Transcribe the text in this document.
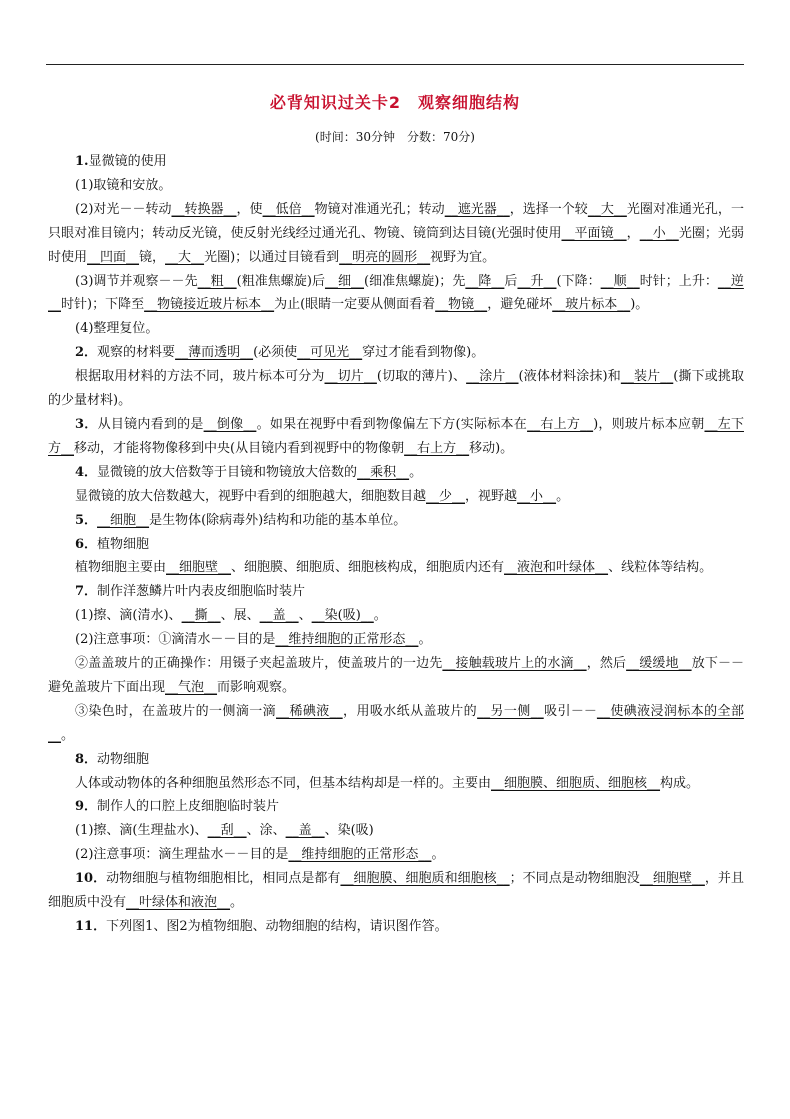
必背知识过关卡2　观察细胞结构
(时间：30分钟　分数：70分)

1.显微镜的使用

(1)取镜和安放。

(2)对光－－转动__转换器__，使__低倍__物镜对准通光孔；转动__遮光器__，选择一个较__大__光圈对准通光孔，一只眼对准目镜内；转动反光镜，使反射光线经过通光孔、物镜、镜筒到达目镜(光强时使用__平面镜__，__小__光圈；光弱时使用__凹面__镜，__大__光圈)；以通过目镜看到__明亮的圆形__视野为宜。

(3)调节并观察－－先__粗__(粗准焦螺旋)后__细__(细准焦螺旋)；先__降__后__升__(下降：__顺__时针；上升：__逆__时针)；下降至__物镜接近玻片标本__为止(眼睛一定要从侧面看着__物镜__，避免碰坏__玻片标本__)。

(4)整理复位。

2．观察的材料要__薄而透明__(必须使__可见光__穿过才能看到物像)。

根据取用材料的方法不同，玻片标本可分为__切片__(切取的薄片)、__涂片__(液体材料涂抹)和__装片__(撕下或挑取的少量材料)。

3．从目镜内看到的是__倒像__。如果在视野中看到物像偏左下方(实际标本在__右上方__)，则玻片标本应朝__左下方__移动，才能将物像移到中央(从目镜内看到视野中的物像朝__右上方__移动)。

4．显微镜的放大倍数等于目镜和物镜放大倍数的__乘积__。

显微镜的放大倍数越大，视野中看到的细胞越大，细胞数目越__少__，视野越__小__。

5．__细胞__是生物体(除病毒外)结构和功能的基本单位。

6．植物细胞

植物细胞主要由__细胞壁__、细胞膜、细胞质、细胞核构成，细胞质内还有__液泡和叶绿体__、线粒体等结构。

7．制作洋葱鳞片叶内表皮细胞临时装片

(1)擦、滴(清水)、__撕__、展、__盖__、__染(吸)__。

(2)注意事项：①滴清水－－目的是__维持细胞的正常形态__。

②盖盖玻片的正确操作：用镊子夹起盖玻片，使盖玻片的一边先__接触载玻片上的水滴__，然后__缓缓地__放下－－避免盖玻片下面出现__气泡__而影响观察。

③染色时，在盖玻片的一侧滴一滴__稀碘液__，用吸水纸从盖玻片的__另一侧__吸引－－__使碘液浸润标本的全部__。

8．动物细胞

人体或动物体的各种细胞虽然形态不同，但基本结构却是一样的。主要由__细胞膜、细胞质、细胞核__构成。

9．制作人的口腔上皮细胞临时装片

(1)擦、滴(生理盐水)、__刮__、涂、__盖__、染(吸)

(2)注意事项：滴生理盐水－－目的是__维持细胞的正常形态__。

10．动物细胞与植物细胞相比，相同点是都有__细胞膜、细胞质和细胞核__；不同点是动物细胞没__细胞壁__，并且细胞质中没有__叶绿体和液泡__。

11．下列图1、图2为植物细胞、动物细胞的结构，请识图作答。
